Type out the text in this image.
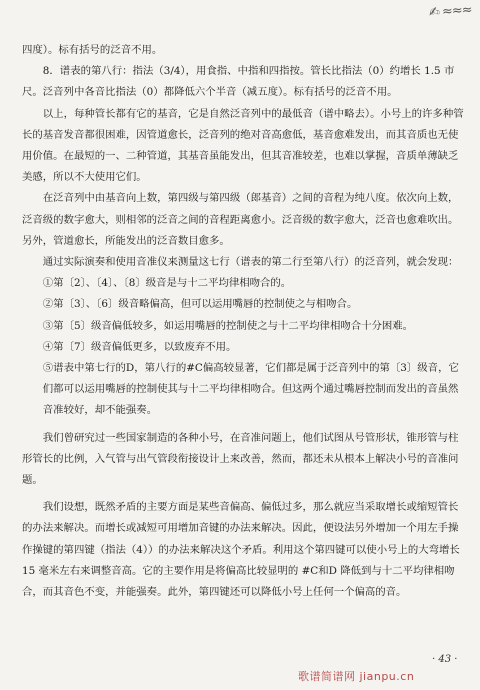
✍︎ ≈≈≈

四度）。标有括号的泛音不用。

8．谱表的第八行：指法（3/4），用食指、中指和四指按。管长比指法（0）约增长 1.5 市尺。泛音列中各音比指法（0）都降低六个半音（减五度）。标有括号的泛音不用。

以上，每种管长都有它的基音，它是自然泛音列中的最低音（谱中略去）。小号上的许多种管长的基音发音都很困难，因管道愈长，泛音列的绝对音高愈低，基音愈难发出，而其音质也无使用价值。在最短的一、二种管道，其基音虽能发出，但其音准较差，也难以掌握，音质单薄缺乏美感，所以不大使用它们。

在泛音列中由基音向上数，第四级与第四级（郎基音）之间的音程为纯八度。依次向上数，泛音级的数字愈大，则相邻的泛音之间的音程距离愈小。泛音级的数字愈大，泛音也愈难吹出。另外，管道愈长，所能发出的泛音数目愈多。

通过实际演奏和使用音准仪来测量这七行（谱表的第二行至第八行）的泛音列，就会发现：

①第〔2〕、〔4〕、〔8〕级音是与十二平均律相吻合的。

②第〔3〕、〔6〕级音略偏高，但可以运用嘴唇的控制使之与相吻合。

③第〔5〕级音偏低较多，如运用嘴唇的控制使之与十二平均律相吻合十分困难。

④第〔7〕级音偏低更多，以致废弃不用。

⑤谱表中第七行的D，第八行的#C偏高较显著，它们都是属于泛音列中的第〔3〕级音，它们都可以运用嘴唇的控制使其与十二平均律相吻合。但这两个通过嘴唇控制而发出的音虽然音准较好，却不能强奏。

我们曾研究过一些国家制造的各种小号，在音准问题上，他们试图从号管形状，锥形管与柱形管长的比例，入气管与出气管段衔接设计上来改善，然而，都还未从根本上解决小号的音准问题。

我们设想，既然矛盾的主要方面是某些音偏高、偏低过多，那么就应当采取增长或缩短管长的办法来解决。而增长或减短可用增加音键的办法来解决。因此，便设法另外增加一个用左手操作操键的第四键（指法（4））的办法来解决这个矛盾。利用这个第四键可以使小号上的大弯增长 15 毫米左右来调整音高。它的主要作用是将偏高比较显明的 #C和D 降低到与十二平均律相吻合，而其音色不变，并能强奏。此外，第四键还可以降低小号上任何一个偏高的音。

· 43 ·
歌谱简谱网 jianpu.cn
